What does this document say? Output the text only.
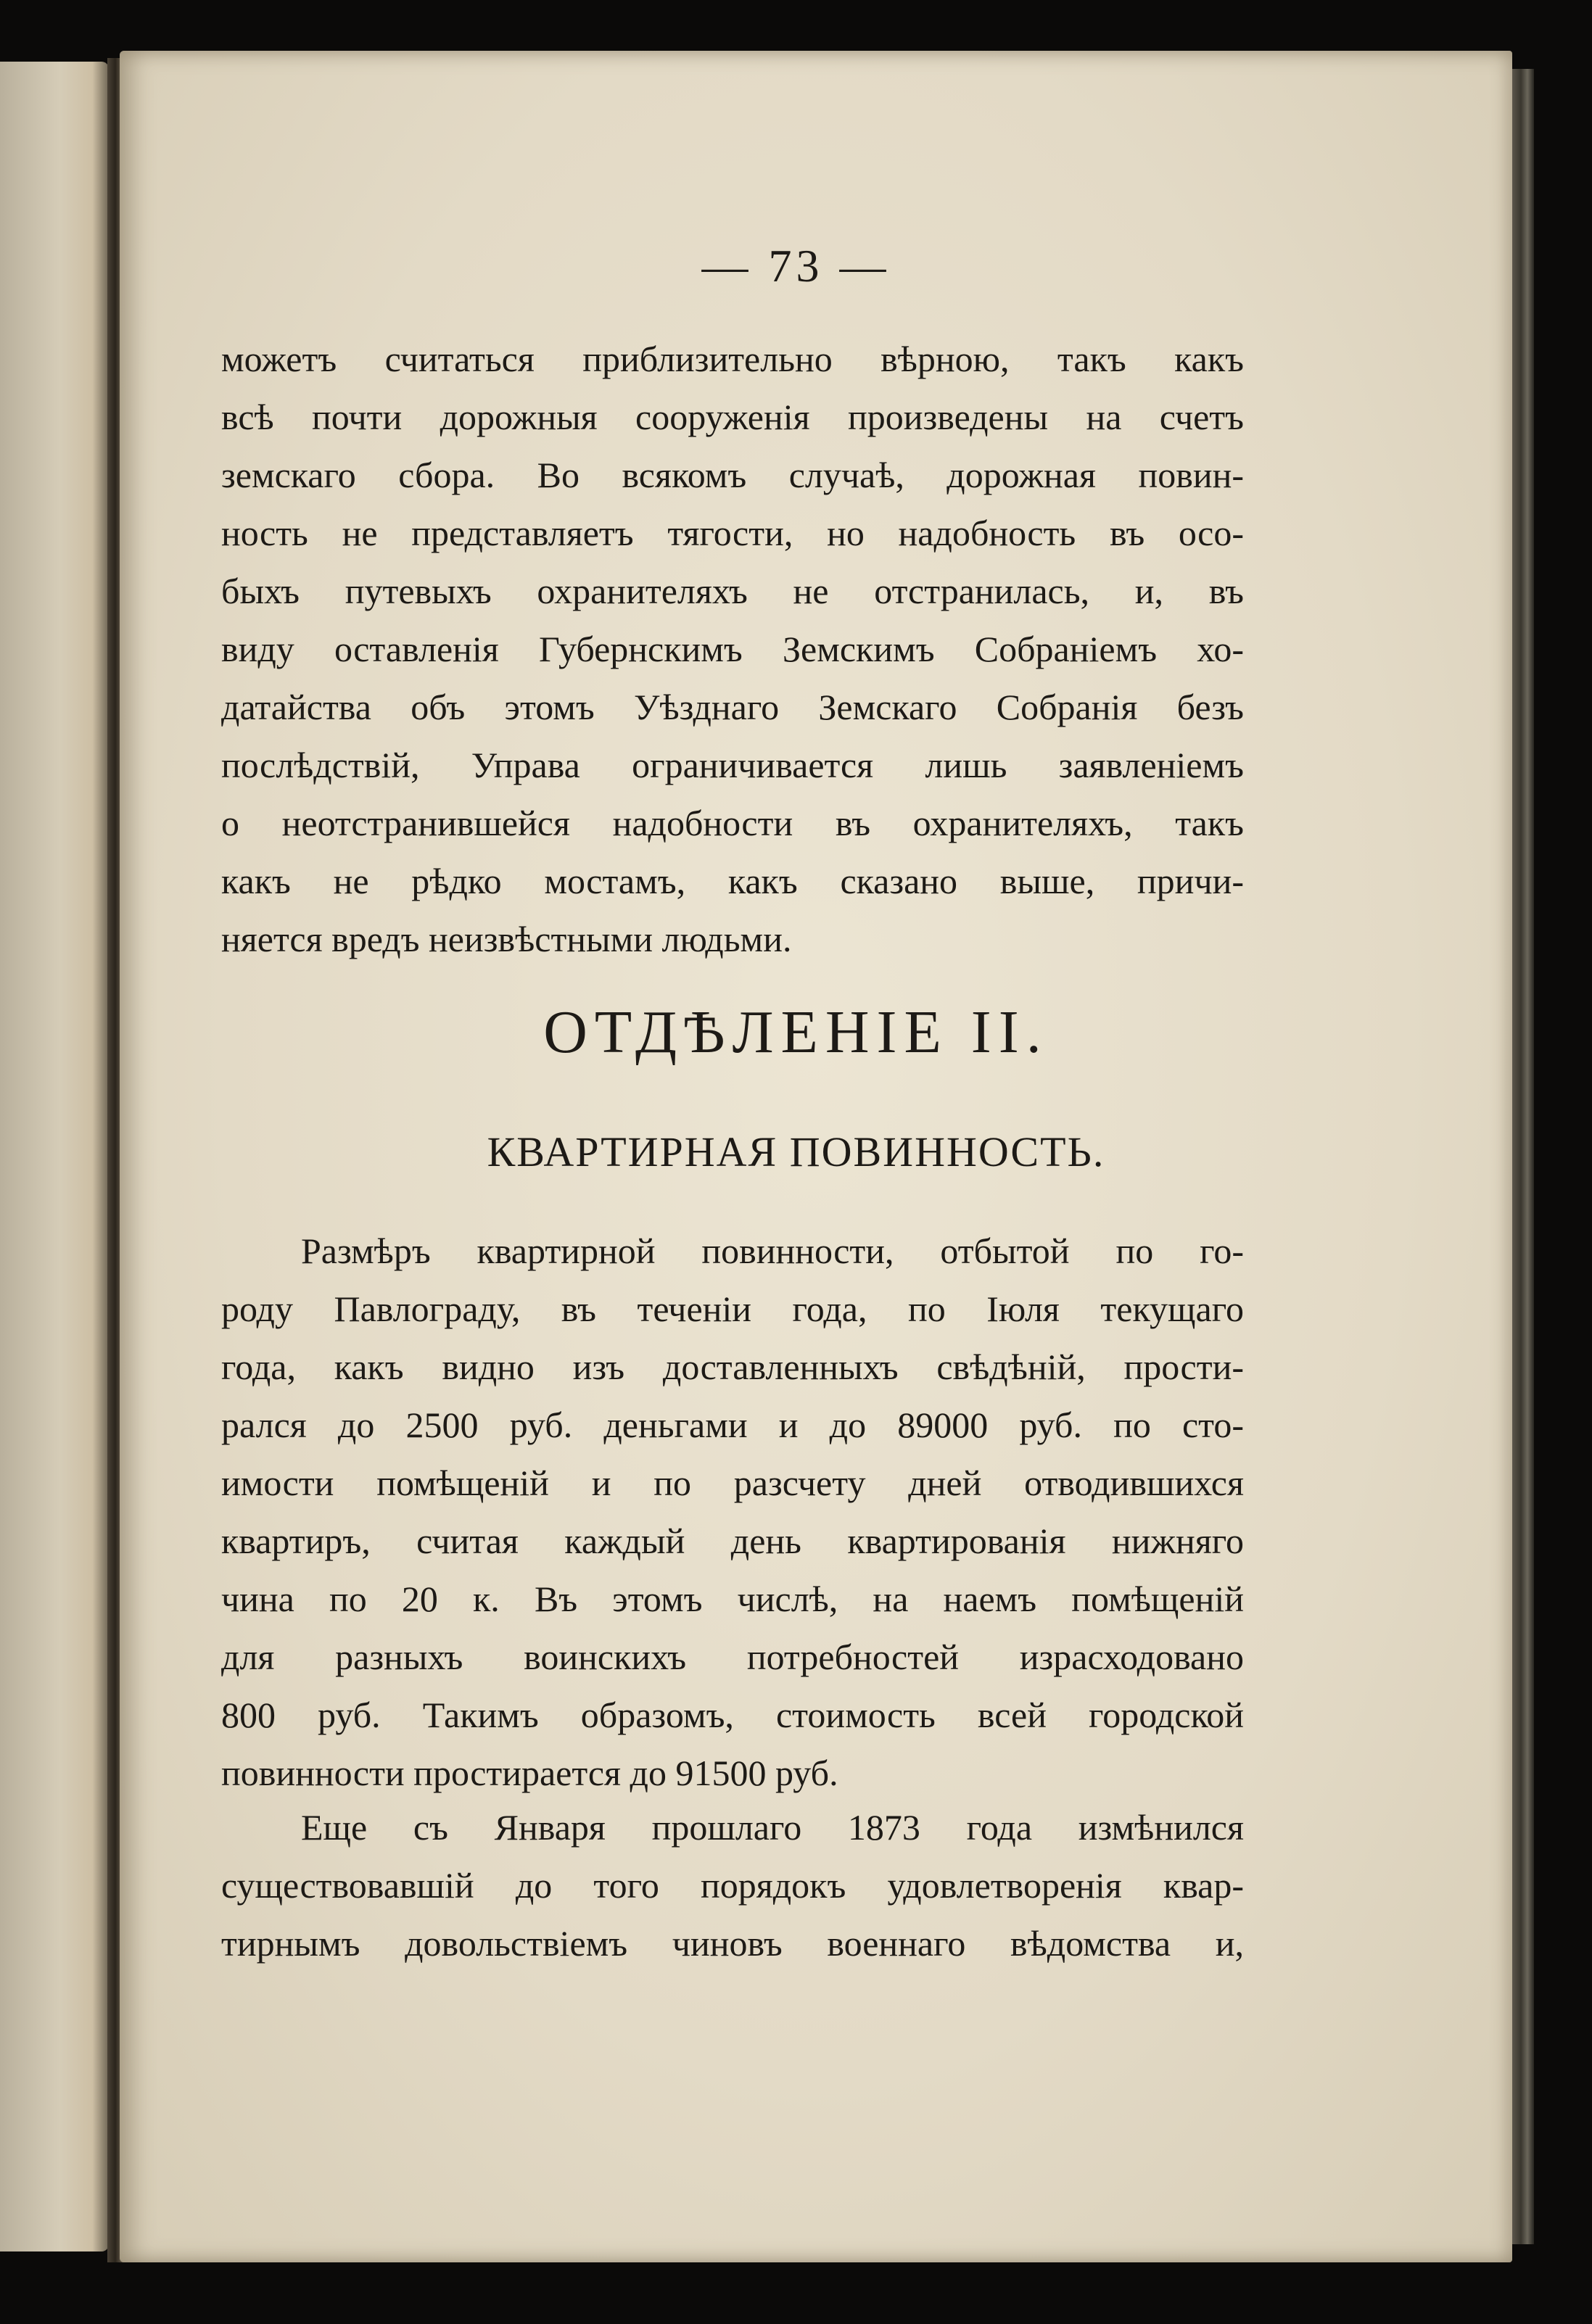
— 73 —
можетъ считаться приблизительно вѣрною, такъ какъ
всѣ почти дорожныя сооруженія произведены на счетъ
земскаго сбора. Во всякомъ случаѣ, дорожная повин-
ность не представляетъ тягости, но надобность въ осо-
быхъ путевыхъ охранителяхъ не отстранилась, и, въ
виду оставленія Губернскимъ Земскимъ Собраніемъ хо-
датайства объ этомъ Уѣзднаго Земскаго Собранія безъ
послѣдствій, Управа ограничивается лишь заявленіемъ
о неотстранившейся надобности въ охранителяхъ, такъ
какъ не рѣдко мостамъ, какъ сказано выше, причи-
няется вредъ неизвѣстными людьми.
ОТДѢЛЕНІЕ II.
КВАРТИРНАЯ ПОВИННОСТЬ.
Размѣръ квартирной повинности, отбытой по го-
роду Павлограду, въ теченіи года, по Іюля текущаго
года, какъ видно изъ доставленныхъ свѣдѣній, прости-
рался до 2500 руб. деньгами и до 89000 руб. по сто-
имости помѣщеній и по разсчету дней отводившихся
квартиръ, считая каждый день квартированія нижняго
чина по 20 к. Въ этомъ числѣ, на наемъ помѣщеній
для разныхъ воинскихъ потребностей израсходовано
800 руб. Такимъ образомъ, стоимость всей городской
повинности простирается до 91500 руб.
Еще съ Января прошлаго 1873 года измѣнился
существовавшій до того порядокъ удовлетворенія квар-
тирнымъ довольствіемъ чиновъ военнаго вѣдомства и,
